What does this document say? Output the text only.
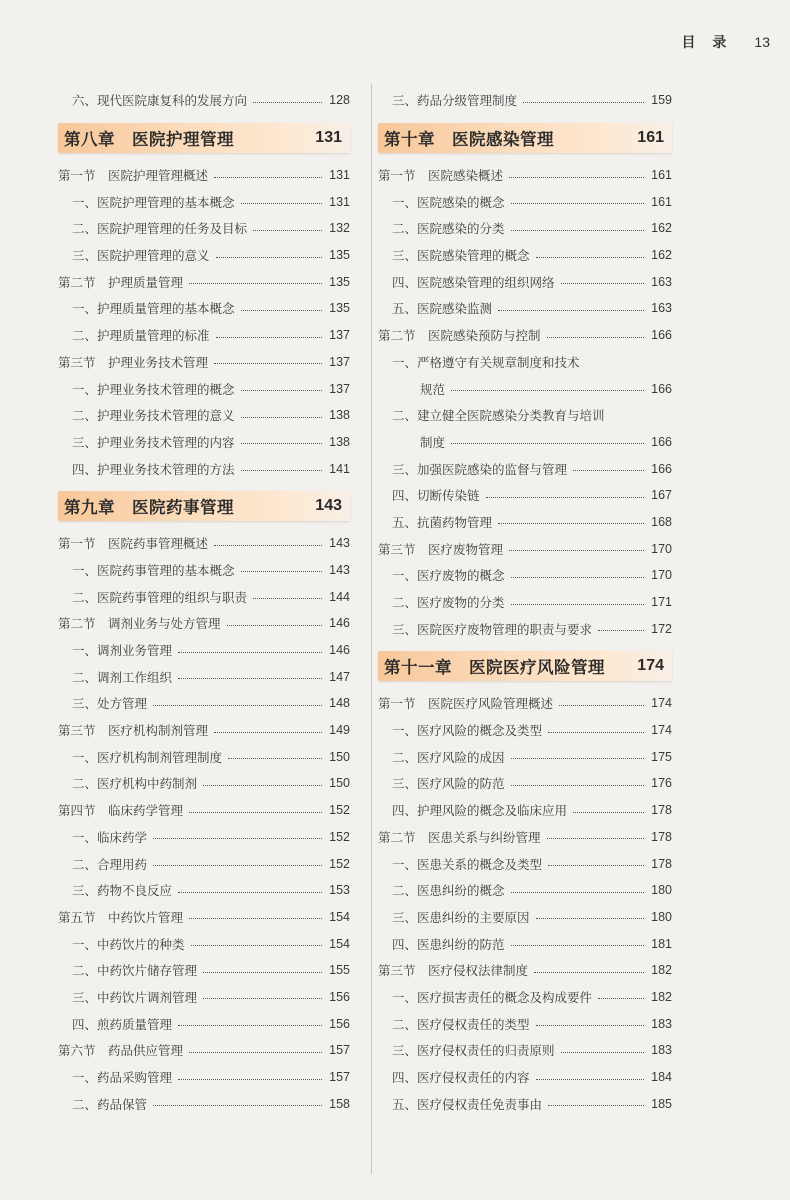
目 录 13
六、现代医院康复科的发展方向	128
第八章　医院护理管理	131
第一节　医院护理管理概述	131
一、医院护理管理的基本概念	131
二、医院护理管理的任务及目标	132
三、医院护理管理的意义	135
第二节　护理质量管理	135
一、护理质量管理的基本概念	135
二、护理质量管理的标准	137
第三节　护理业务技术管理	137
一、护理业务技术管理的概念	137
二、护理业务技术管理的意义	138
三、护理业务技术管理的内容	138
四、护理业务技术管理的方法	141
第九章　医院药事管理	143
第一节　医院药事管理概述	143
一、医院药事管理的基本概念	143
二、医院药事管理的组织与职责	144
第二节　调剂业务与处方管理	146
一、调剂业务管理	146
二、调剂工作组织	147
三、处方管理	148
第三节　医疗机构制剂管理	149
一、医疗机构制剂管理制度	150
二、医疗机构中药制剂	150
第四节　临床药学管理	152
一、临床药学	152
二、合理用药	152
三、药物不良反应	153
第五节　中药饮片管理	154
一、中药饮片的种类	154
二、中药饮片储存管理	155
三、中药饮片调剂管理	156
四、煎药质量管理	156
第六节　药品供应管理	157
一、药品采购管理	157
二、药品保管	158
三、药品分级管理制度	159
第十章　医院感染管理	161
第一节　医院感染概述	161
一、医院感染的概念	161
二、医院感染的分类	162
三、医院感染管理的概念	162
四、医院感染管理的组织网络	163
五、医院感染监测	163
第二节　医院感染预防与控制	166
一、严格遵守有关规章制度和技术
规范	166
二、建立健全医院感染分类教育与培训
制度	166
三、加强医院感染的监督与管理	166
四、切断传染链	167
五、抗菌药物管理	168
第三节　医疗废物管理	170
一、医疗废物的概念	170
二、医疗废物的分类	171
三、医院医疗废物管理的职责与要求	172
第十一章　医院医疗风险管理 174
第一节　医院医疗风险管理概述	174
一、医疗风险的概念及类型	174
二、医疗风险的成因	175
三、医疗风险的防范	176
四、护理风险的概念及临床应用	178
第二节　医患关系与纠纷管理	178
一、医患关系的概念及类型	178
二、医患纠纷的概念	180
三、医患纠纷的主要原因	180
四、医患纠纷的防范	181
第三节　医疗侵权法律制度	182
一、医疗损害责任的概念及构成要件	182
二、医疗侵权责任的类型	183
三、医疗侵权责任的归责原则	183
四、医疗侵权责任的内容	184
五、医疗侵权责任免责事由	185
